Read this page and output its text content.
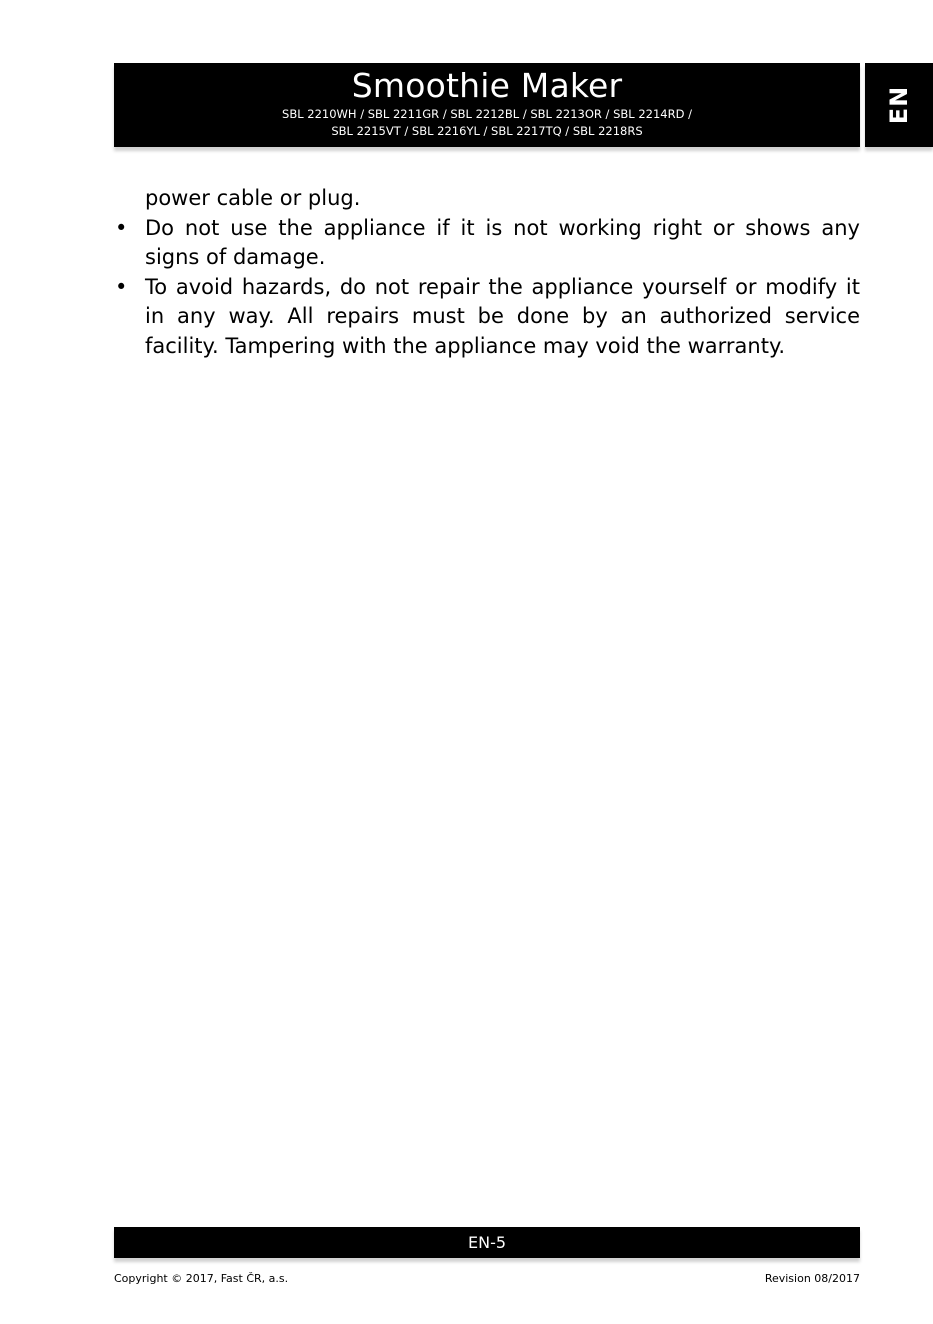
Smoothie Maker
SBL 2210WH / SBL 2211GR / SBL 2212BL / SBL 2213OR / SBL 2214RD /
SBL 2215VT / SBL 2216YL / SBL 2217TQ / SBL 2218RS
EN
power cable or plug.
• Do not use the appliance if it is not working right or shows any signs of damage.
• To avoid hazards, do not repair the appliance yourself or modify it in any way. All repairs must be done by an authorized service facility. Tampering with the appliance may void the warranty.
EN-5
Copyright © 2017, Fast ČR, a.s.	Revision 08/2017
